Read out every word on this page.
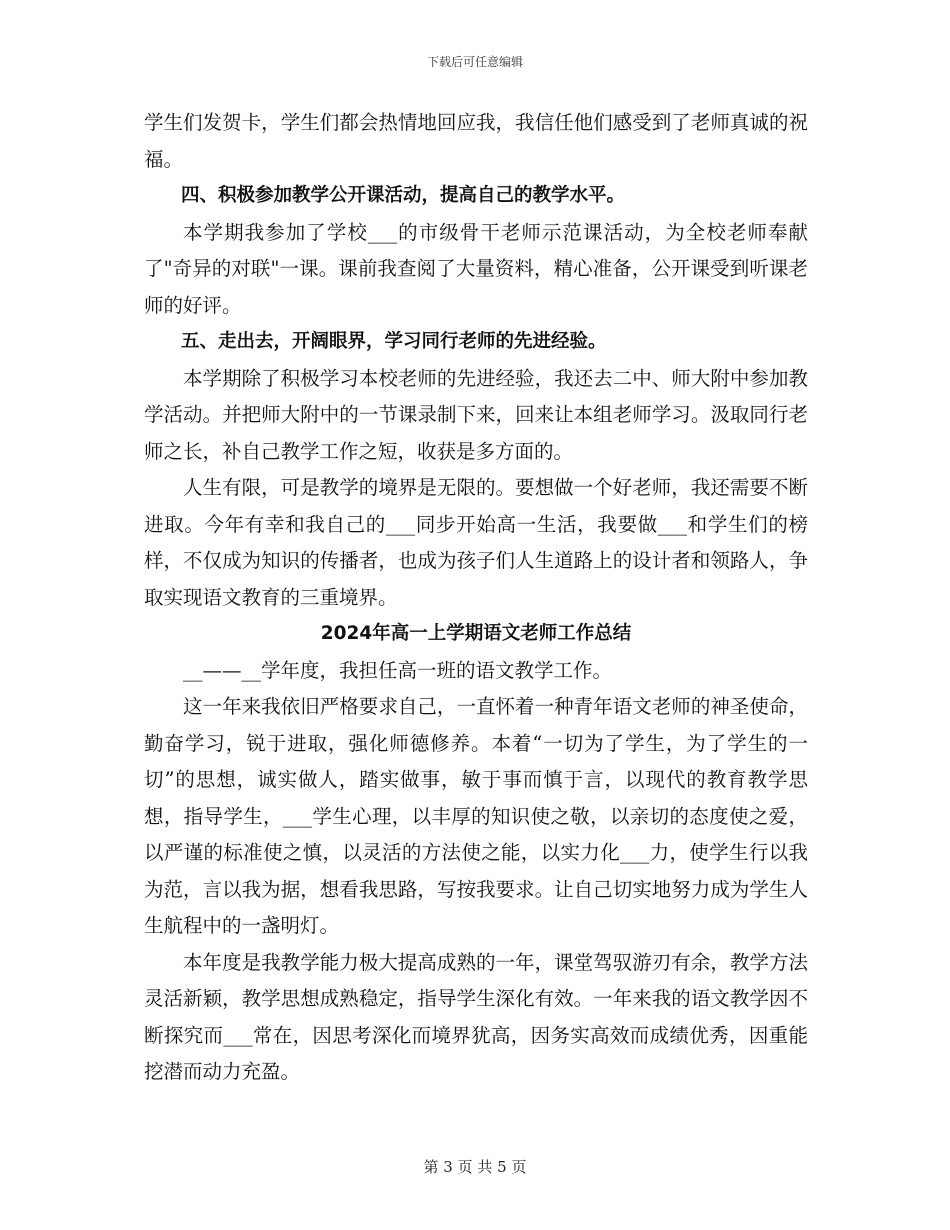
下载后可任意编辑

学生们发贺卡，学生们都会热情地回应我，我信任他们感受到了老师真诚的祝福。

四、积极参加教学公开课活动，提高自己的教学水平。

本学期我参加了学校___的市级骨干老师示范课活动，为全校老师奉献了"奇异的对联"一课。课前我查阅了大量资料，精心准备，公开课受到听课老师的好评。

五、走出去，开阔眼界，学习同行老师的先进经验。

本学期除了积极学习本校老师的先进经验，我还去二中、师大附中参加教学活动。并把师大附中的一节课录制下来，回来让本组老师学习。汲取同行老师之长，补自己教学工作之短，收获是多方面的。

人生有限，可是教学的境界是无限的。要想做一个好老师，我还需要不断进取。今年有幸和我自己的___同步开始高一生活，我要做___和学生们的榜样，不仅成为知识的传播者，也成为孩子们人生道路上的设计者和领路人，争取实现语文教育的三重境界。

2024年高一上学期语文老师工作总结

__——__学年度，我担任高一班的语文教学工作。

这一年来我依旧严格要求自己，一直怀着一种青年语文老师的神圣使命，勤奋学习，锐于进取，强化师德修养。本着“一切为了学生，为了学生的一切”的思想，诚实做人，踏实做事，敏于事而慎于言，以现代的教育教学思想，指导学生，___学生心理，以丰厚的知识使之敬，以亲切的态度使之爱，以严谨的标准使之慎，以灵活的方法使之能，以实力化___力，使学生行以我为范，言以我为据，想看我思路，写按我要求。让自己切实地努力成为学生人生航程中的一盏明灯。

本年度是我教学能力极大提高成熟的一年，课堂驾驭游刃有余，教学方法灵活新颖，教学思想成熟稳定，指导学生深化有效。一年来我的语文教学因不断探究而___常在，因思考深化而境界犹高，因务实高效而成绩优秀，因重能挖潜而动力充盈。

第 3 页 共 5 页
